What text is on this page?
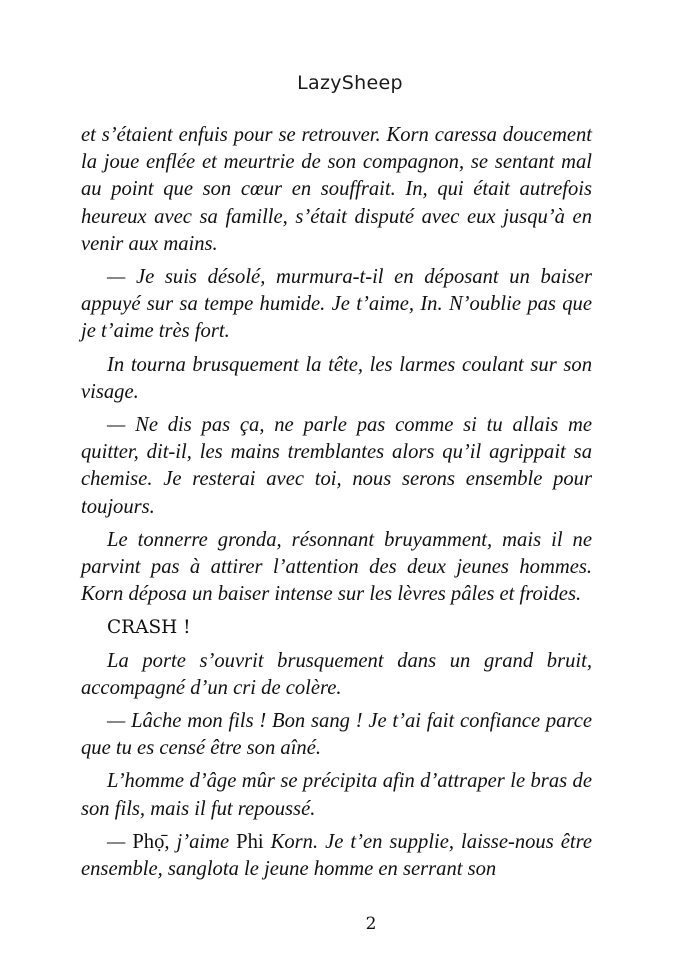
LazySheep

et s’étaient enfuis pour se retrouver. Korn caressa doucement la joue enflée et meurtrie de son compagnon, se sentant mal au point que son cœur en souffrait. In, qui était autrefois heureux avec sa famille, s’était disputé avec eux jusqu’à en venir aux mains.

— Je suis désolé, murmura-t-il en déposant un baiser appuyé sur sa tempe humide. Je t’aime, In. N’oublie pas que je t’aime très fort.

In tourna brusquement la tête, les larmes coulant sur son visage.

— Ne dis pas ça, ne parle pas comme si tu allais me quitter, dit-il, les mains tremblantes alors qu’il agrippait sa chemise. Je resterai avec toi, nous serons ensemble pour toujours.

Le tonnerre gronda, résonnant bruyamment, mais il ne parvint pas à attirer l’attention des deux jeunes hommes. Korn déposa un baiser intense sur les lèvres pâles et froides.

CRASH !

La porte s’ouvrit brusquement dans un grand bruit, accompagné d’un cri de colère.

— Lâche mon fils ! Bon sang ! Je t’ai fait confiance parce que tu es censé être son aîné.

L’homme d’âge mûr se précipita afin d’attraper le bras de son fils, mais il fut repoussé.

— Phọ̄, j’aime Phi Korn. Je t’en supplie, laisse-nous être ensemble, sanglota le jeune homme en serrant son

2
